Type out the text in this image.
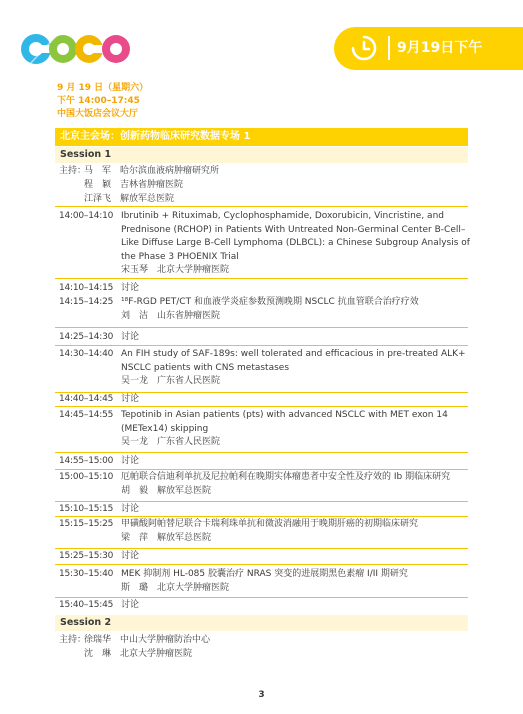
9月19日下午
9 月 19 日（星期六）
下午 14:00–17:45
中国大饭店会议大厅
北京主会场：创新药物临床研究数据专场 1
Session 1
主持：
马　军　哈尔滨血液病肿瘤研究所
程　颖　吉林省肿瘤医院
江泽飞　解放军总医院
14:00–14:10 Ibrutinib + Rituximab, Cyclophosphamide, Doxorubicin, Vincristine, and
Prednisone (RCHOP) in Patients With Untreated Non-Germinal Center B-Cell–
Like Diffuse Large B-Cell Lymphoma (DLBCL): a Chinese Subgroup Analysis of
the Phase 3 PHOENIX Trial
宋玉琴　北京大学肿瘤医院
14:10–14:15 讨论
14:15–14:25 ¹⁸F-RGD PET/CT 和血液学炎症参数预测晚期 NSCLC 抗血管联合治疗疗效
刘　洁　山东省肿瘤医院
14:25–14:30 讨论
14:30–14:40 An FIH study of SAF-189s: well tolerated and efficacious in pre-treated ALK+
NSCLC patients with CNS metastases
吴一龙　广东省人民医院
14:40–14:45 讨论
14:45–14:55 Tepotinib in Asian patients (pts) with advanced NSCLC with MET exon 14
(METex14) skipping
吴一龙　广东省人民医院
14:55–15:00 讨论
15:00–15:10 厄帕联合信迪利单抗及尼拉帕利在晚期实体瘤患者中安全性及疗效的 Ib 期临床研究
胡　毅　解放军总医院
15:10–15:15 讨论
15:15–15:25 甲磺酸阿帕替尼联合卡瑞利珠单抗和微波消融用于晚期肝癌的初期临床研究
梁　萍　解放军总医院
15:25–15:30 讨论
15:30–15:40 MEK 抑制剂 HL-085 胶囊治疗 NRAS 突变的进展期黑色素瘤 I/II 期研究
斯　璐　北京大学肿瘤医院
15:40–15:45 讨论
Session 2
主持：
徐瑞华　中山大学肿瘤防治中心
沈　琳　北京大学肿瘤医院
3
